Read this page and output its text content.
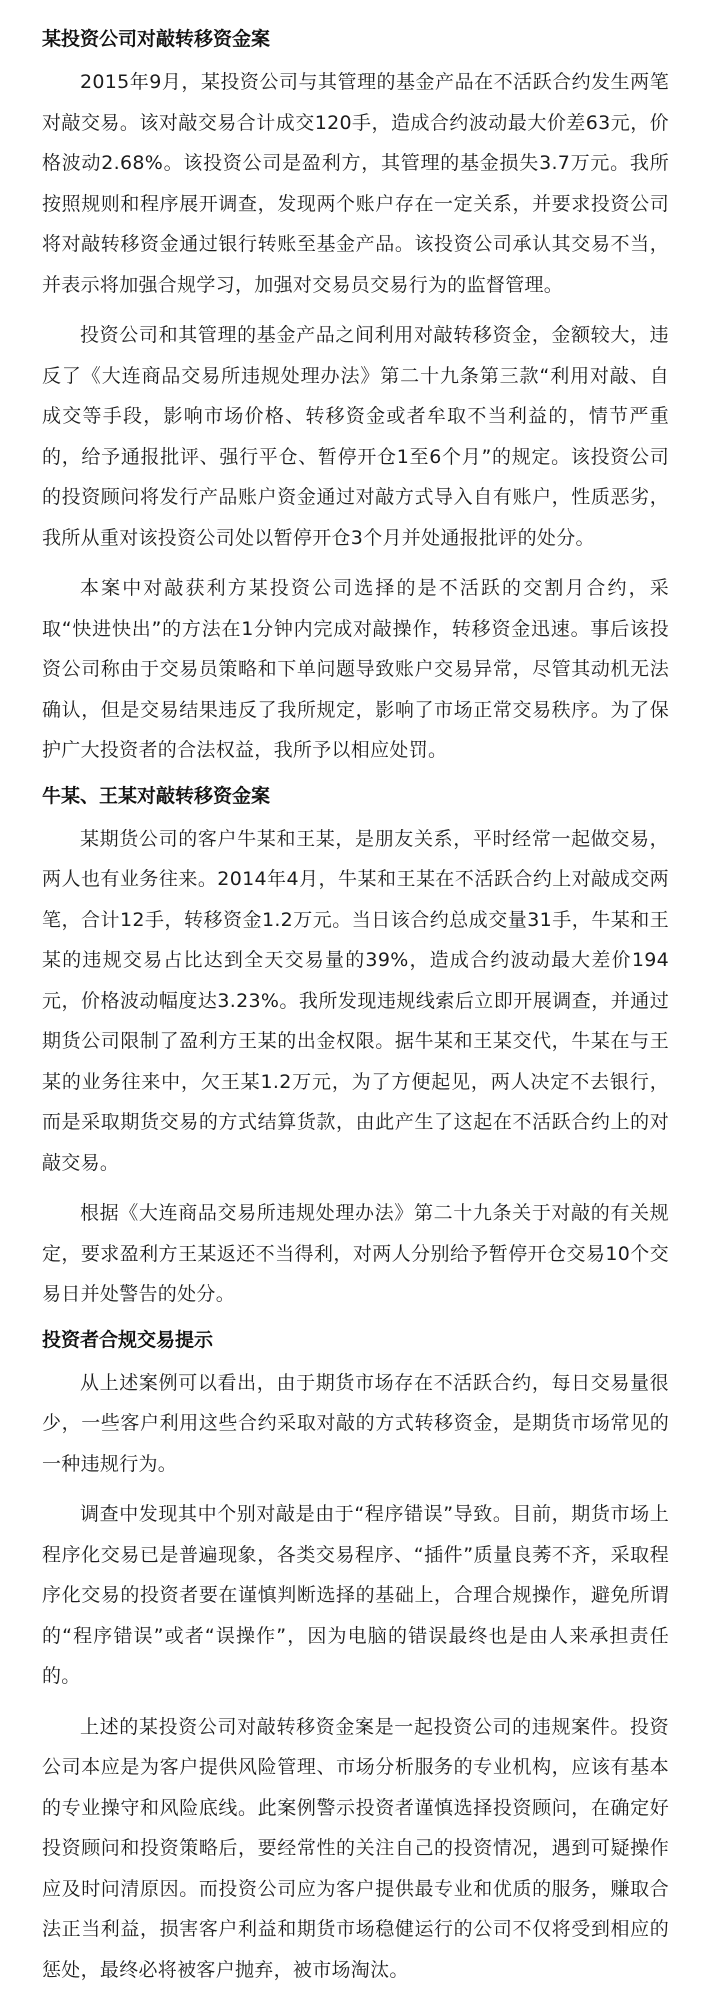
某投资公司对敲转移资金案

2015年9月，某投资公司与其管理的基金产品在不活跃合约发生两笔对敲交易。该对敲交易合计成交120手，造成合约波动最大价差63元，价格波动2.68%。该投资公司是盈利方，其管理的基金损失3.7万元。我所按照规则和程序展开调查，发现两个账户存在一定关系，并要求投资公司将对敲转移资金通过银行转账至基金产品。该投资公司承认其交易不当，并表示将加强合规学习，加强对交易员交易行为的监督管理。

投资公司和其管理的基金产品之间利用对敲转移资金，金额较大，违反了《大连商品交易所违规处理办法》第二十九条第三款“利用对敲、自成交等手段，影响市场价格、转移资金或者牟取不当利益的，情节严重的，给予通报批评、强行平仓、暂停开仓1至6个月”的规定。该投资公司的投资顾问将发行产品账户资金通过对敲方式导入自有账户，性质恶劣，我所从重对该投资公司处以暂停开仓3个月并处通报批评的处分。

本案中对敲获利方某投资公司选择的是不活跃的交割月合约，采取“快进快出”的方法在1分钟内完成对敲操作，转移资金迅速。事后该投资公司称由于交易员策略和下单问题导致账户交易异常，尽管其动机无法确认，但是交易结果违反了我所规定，影响了市场正常交易秩序。为了保护广大投资者的合法权益，我所予以相应处罚。

牛某、王某对敲转移资金案

某期货公司的客户牛某和王某，是朋友关系，平时经常一起做交易，两人也有业务往来。2014年4月，牛某和王某在不活跃合约上对敲成交两笔，合计12手，转移资金1.2万元。当日该合约总成交量31手，牛某和王某的违规交易占比达到全天交易量的39%，造成合约波动最大差价194元，价格波动幅度达3.23%。我所发现违规线索后立即开展调查，并通过期货公司限制了盈利方王某的出金权限。据牛某和王某交代，牛某在与王某的业务往来中，欠王某1.2万元，为了方便起见，两人决定不去银行，而是采取期货交易的方式结算货款，由此产生了这起在不活跃合约上的对敲交易。

根据《大连商品交易所违规处理办法》第二十九条关于对敲的有关规定，要求盈利方王某返还不当得利，对两人分别给予暂停开仓交易10个交易日并处警告的处分。

投资者合规交易提示

从上述案例可以看出，由于期货市场存在不活跃合约，每日交易量很少，一些客户利用这些合约采取对敲的方式转移资金，是期货市场常见的一种违规行为。

调查中发现其中个别对敲是由于“程序错误”导致。目前，期货市场上程序化交易已是普遍现象，各类交易程序、“插件”质量良莠不齐，采取程序化交易的投资者要在谨慎判断选择的基础上，合理合规操作，避免所谓的“程序错误”或者“误操作”，因为电脑的错误最终也是由人来承担责任的。

上述的某投资公司对敲转移资金案是一起投资公司的违规案件。投资公司本应是为客户提供风险管理、市场分析服务的专业机构，应该有基本的专业操守和风险底线。此案例警示投资者谨慎选择投资顾问，在确定好投资顾问和投资策略后，要经常性的关注自己的投资情况，遇到可疑操作应及时问清原因。而投资公司应为客户提供最专业和优质的服务，赚取合法正当利益，损害客户利益和期货市场稳健运行的公司不仅将受到相应的惩处，最终必将被客户抛弃，被市场淘汰。
